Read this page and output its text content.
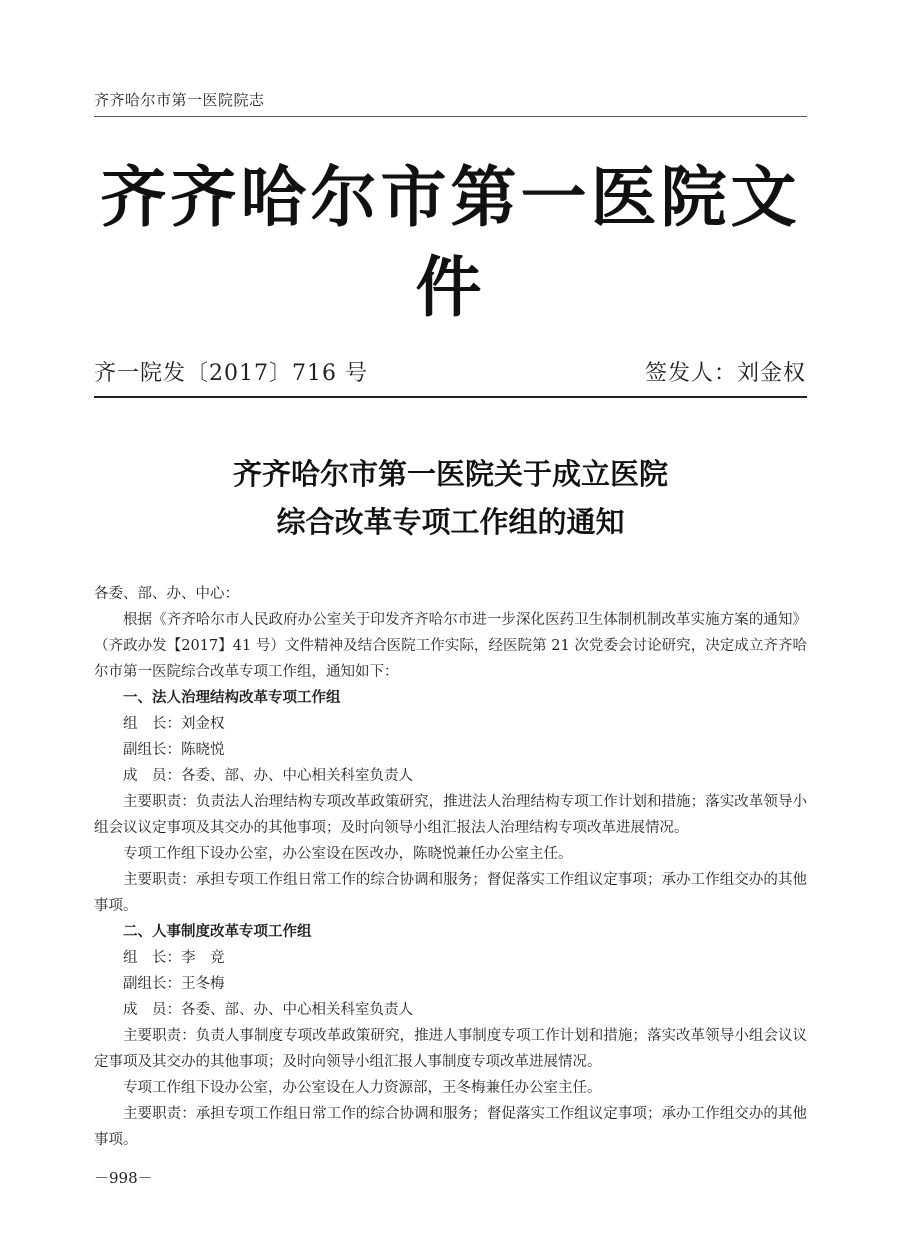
齐齐哈尔市第一医院院志
齐齐哈尔市第一医院文件
齐一院发〔2017〕716 号	签发人：刘金权
齐齐哈尔市第一医院关于成立医院
综合改革专项工作组的通知

各委、部、办、中心：

根据《齐齐哈尔市人民政府办公室关于印发齐齐哈尔市进一步深化医药卫生体制机制改革实施方案的通知》（齐政办发【2017】41 号）文件精神及结合医院工作实际，经医院第 21 次党委会讨论研究，决定成立齐齐哈尔市第一医院综合改革专项工作组，通知如下：

一、法人治理结构改革专项工作组

组　长：刘金权

副组长：陈晓悦

成　员：各委、部、办、中心相关科室负责人

主要职责：负责法人治理结构专项改革政策研究，推进法人治理结构专项工作计划和措施；落实改革领导小组会议议定事项及其交办的其他事项；及时向领导小组汇报法人治理结构专项改革进展情况。

专项工作组下设办公室，办公室设在医改办，陈晓悦兼任办公室主任。

主要职责：承担专项工作组日常工作的综合协调和服务；督促落实工作组议定事项；承办工作组交办的其他事项。

二、人事制度改革专项工作组

组　长：李　竞

副组长：王冬梅

成　员：各委、部、办、中心相关科室负责人

主要职责：负责人事制度专项改革政策研究，推进人事制度专项工作计划和措施；落实改革领导小组会议议定事项及其交办的其他事项；及时向领导小组汇报人事制度专项改革进展情况。

专项工作组下设办公室，办公室设在人力资源部，王冬梅兼任办公室主任。

主要职责：承担专项工作组日常工作的综合协调和服务；督促落实工作组议定事项；承办工作组交办的其他事项。

－998－
